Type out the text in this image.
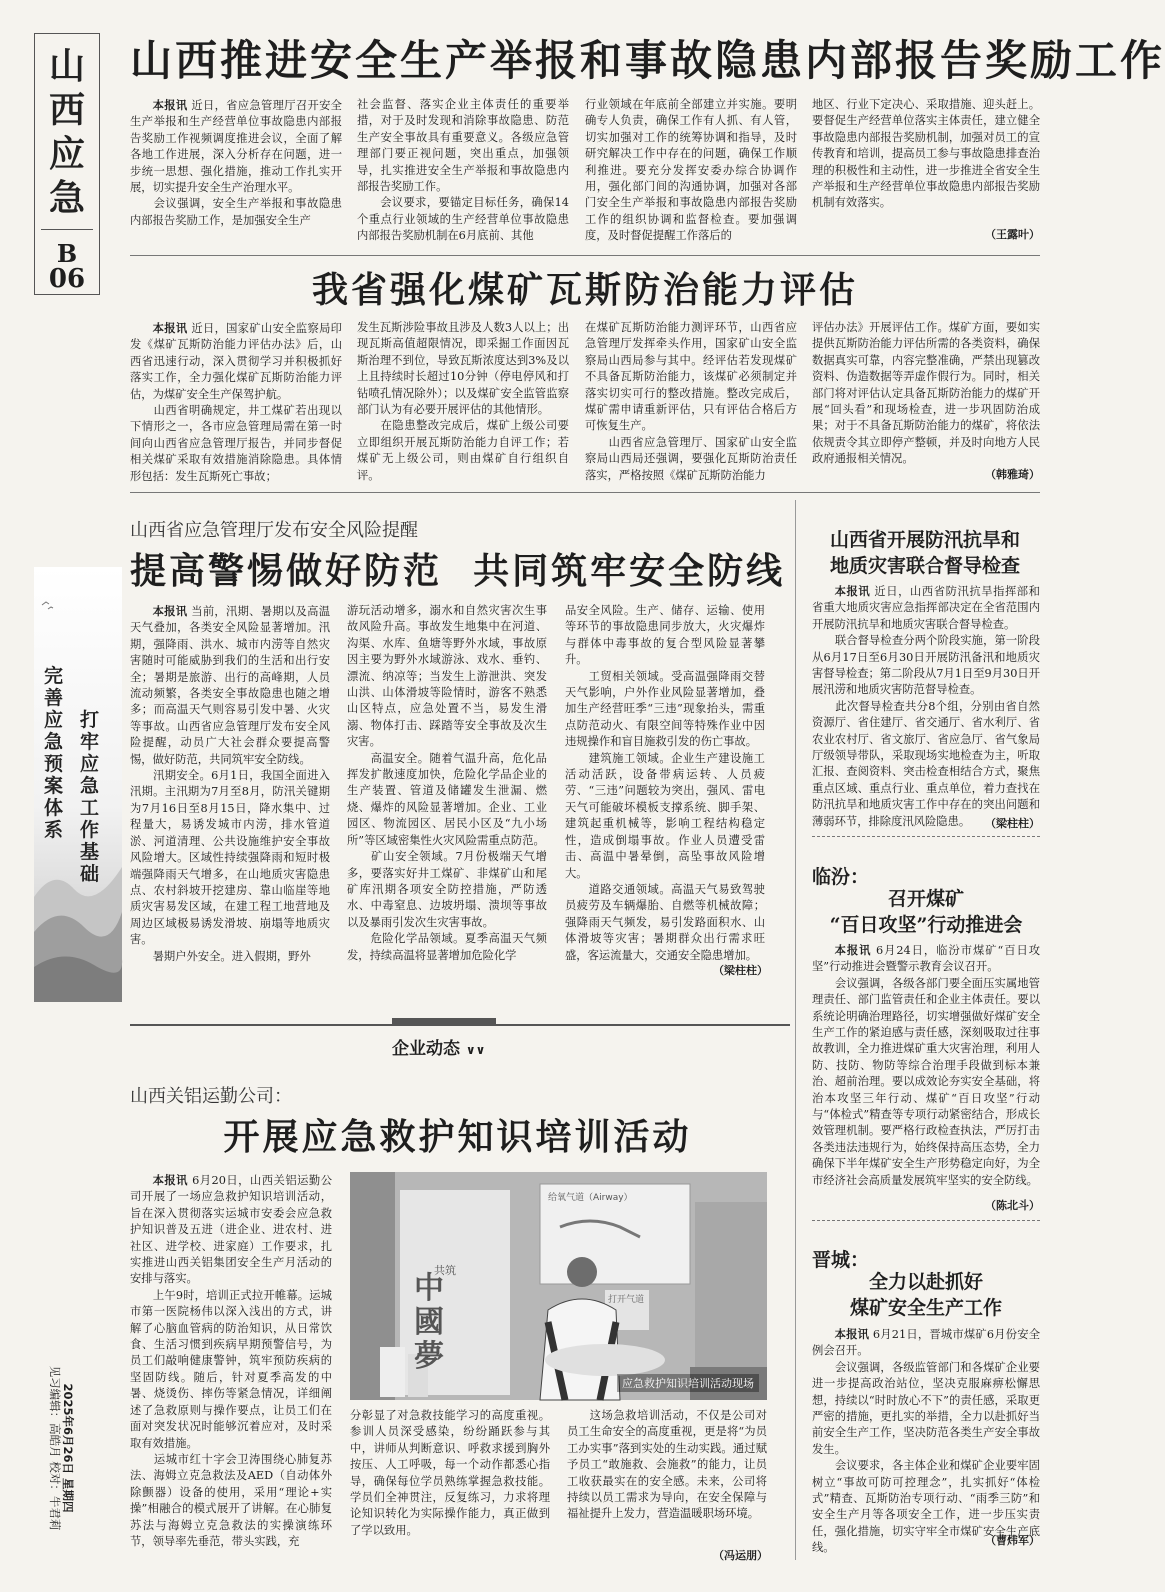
山西应急
B
06
完善应急预案体系
打牢应急工作基础
见习编辑：高皓月 校对：牛君莉 2025年6月26日 星期四
山西推进安全生产举报和事故隐患内部报告奖励工作
本报讯 近日，省应急管理厅召开安全生产举报和生产经营单位事故隐患内部报告奖励工作视频调度推进会议，全面了解各地工作进展，深入分析存在问题，进一步统一思想、强化措施，推动工作扎实开展，切实提升安全生产治理水平。
　　会议强调，安全生产举报和事故隐患内部报告奖励工作，是加强安全生产
社会监督、落实企业主体责任的重要举措，对于及时发现和消除事故隐患、防范生产安全事故具有重要意义。各级应急管理部门要正视问题，突出重点，加强领导，扎实推进安全生产举报和事故隐患内部报告奖励工作。
　　会议要求，要锚定目标任务，确保14个重点行业领域的生产经营单位事故隐患内部报告奖励机制在6月底前、其他
行业领域在年底前全部建立并实施。要明确专人负责，确保工作有人抓、有人管，切实加强对工作的统筹协调和指导，及时研究解决工作中存在的问题，确保工作顺利推进。要充分发挥安委办综合协调作用，强化部门间的沟通协调，加强对各部门安全生产举报和事故隐患内部报告奖励工作的组织协调和监督检查。要加强调度，及时督促提醒工作落后的
地区、行业下定决心、采取措施、迎头赶上。要督促生产经营单位落实主体责任，建立健全事故隐患内部报告奖励机制，加强对员工的宣传教育和培训，提高员工参与事故隐患排查治理的积极性和主动性，进一步推进全省安全生产举报和生产经营单位事故隐患内部报告奖励机制有效落实。
（王露叶）
我省强化煤矿瓦斯防治能力评估
本报讯 近日，国家矿山安全监察局印发《煤矿瓦斯防治能力评估办法》后，山西省迅速行动，深入贯彻学习并积极抓好落实工作，全力强化煤矿瓦斯防治能力评估，为煤矿安全生产保驾护航。
　　山西省明确规定，井工煤矿若出现以下情形之一，各市应急管理局需在第一时间向山西省应急管理厅报告，并同步督促相关煤矿采取有效措施消除隐患。具体情形包括：发生瓦斯死亡事故；
发生瓦斯涉险事故且涉及人数3人以上；出现瓦斯高值超限情况，即采掘工作面因瓦斯治理不到位，导致瓦斯浓度达到3%及以上且持续时长超过10分钟（停电停风和打钻喷孔情况除外）；以及煤矿安全监管监察部门认为有必要开展评估的其他情形。
　　在隐患整改完成后，煤矿上级公司要立即组织开展瓦斯防治能力自评工作；若煤矿无上级公司，则由煤矿自行组织自评。
在煤矿瓦斯防治能力测评环节，山西省应急管理厅发挥牵头作用，国家矿山安全监察局山西局参与其中。经评估若发现煤矿不具备瓦斯防治能力，该煤矿必须制定并落实切实可行的整改措施。整改完成后，煤矿需申请重新评估，只有评估合格后方可恢复生产。
　　山西省应急管理厅、国家矿山安全监察局山西局还强调，要强化瓦斯防治责任落实，严格按照《煤矿瓦斯防治能力
评估办法》开展评估工作。煤矿方面，要如实提供瓦斯防治能力评估所需的各类资料，确保数据真实可靠，内容完整准确，严禁出现篡改资料、伪造数据等弄虚作假行为。同时，相关部门将对评估认定具备瓦斯防治能力的煤矿开展“回头看”和现场检查，进一步巩固防治成果；对于不具备瓦斯防治能力的煤矿，将依法依规责令其立即停产整顿，并及时向地方人民政府通报相关情况。
（韩雅琦）
山西省应急管理厅发布安全风险提醒
提高警惕做好防范  共同筑牢安全防线
本报讯 当前，汛期、暑期以及高温天气叠加，各类安全风险显著增加。汛期，强降雨、洪水、城市内涝等自然灾害随时可能威胁到我们的生活和出行安全；暑期是旅游、出行的高峰期，人员流动频繁，各类安全事故隐患也随之增多；而高温天气则容易引发中暑、火灾等事故。山西省应急管理厅发布安全风险提醒，动员广大社会群众要提高警惕，做好防范，共同筑牢安全防线。
　　汛期安全。6月1日，我国全面进入汛期。主汛期为7月至8月，防汛关键期为7月16日至8月15日，降水集中、过程量大，易诱发城市内涝，排水管道淤、河道清理、公共设施维护安全事故风险增大。区域性持续强降雨和短时极端强降雨天气增多，在山地质灾害隐患点、农村斜坡开挖建房、靠山临崖等地质灾害易发区域，在建工程工地营地及周边区域极易诱发滑坡、崩塌等地质灾害。
　　暑期户外安全。进入假期，野外
游玩活动增多，溺水和自然灾害次生事故风险升高。事故发生地集中在河道、沟渠、水库、鱼塘等野外水域，事故原因主要为野外水域游泳、戏水、垂钓、漂流、纳凉等；当发生上游泄洪、突发山洪、山体滑坡等险情时，游客不熟悉山区特点，应急处置不当，易发生滑溺、物体打击、踩踏等安全事故及次生灾害。
　　高温安全。随着气温升高，危化品挥发扩散速度加快，危险化学品企业的生产装置、管道及储罐发生泄漏、燃烧、爆炸的风险显著增加。企业、工业园区、物流园区、居民小区及“九小场所”等区域密集性火灾风险需重点防范。
　　矿山安全领域。7月份极端天气增多，要落实好井工煤矿、非煤矿山和尾矿库汛期各项安全防控措施，严防透水、中毒窒息、边坡坍塌、溃坝等事故以及暴雨引发次生灾害事故。
　　危险化学品领域。夏季高温天气频发，持续高温将显著增加危险化学
品安全风险。生产、储存、运输、使用等环节的事故隐患同步放大，火灾爆炸与群体中毒事故的复合型风险显著攀升。
　　工贸相关领域。受高温强降雨交替天气影响，户外作业风险显著增加，叠加生产经营旺季“三违”现象抬头，需重点防范动火、有限空间等特殊作业中因违规操作和盲目施救引发的伤亡事故。
　　建筑施工领域。企业生产建设施工活动活跃，设备带病运转、人员疲劳、“三违”问题较为突出，强风、雷电天气可能破坏模板支撑系统、脚手架、建筑起重机械等，影响工程结构稳定性，造成倒塌事故。作业人员遭受雷击、高温中暑晕倒，高坠事故风险增大。
　　道路交通领域。高温天气易致驾驶员疲劳及车辆爆胎、自燃等机械故障；强降雨天气频发，易引发路面积水、山体滑坡等灾害；暑期群众出行需求旺盛，客运流量大，交通安全隐患增加。
（梁柱柱）
山西省开展防汛抗旱和
地质灾害联合督导检查
本报讯 近日，山西省防汛抗旱指挥部和省重大地质灾害应急指挥部决定在全省范围内开展防汛抗旱和地质灾害联合督导检查。
　　联合督导检查分两个阶段实施，第一阶段从6月17日至6月30日开展防汛备汛和地质灾害督导检查；第二阶段从7月1日至9月30日开展汛涝和地质灾害防范督导检查。
　　此次督导检查共分8个组，分别由省自然资源厅、省住建厅、省交通厅、省水利厅、省农业农村厅、省文旅厅、省应急厅、省气象局厅级领导带队，采取现场实地检查为主，听取汇报、查阅资料、突击检查相结合方式，聚焦重点区域、重点行业、重点单位，着力查找在防汛抗旱和地质灾害工作中存在的突出问题和薄弱环节，排除度汛风险隐患。	（梁柱柱）
临汾：
召开煤矿
“百日攻坚”行动推进会
本报讯 6月24日，临汾市煤矿“百日攻坚”行动推进会暨警示教育会议召开。
　　会议强调，各级各部门要全面压实属地管理责任、部门监管责任和企业主体责任。要以系统论明确治理路径，切实增强做好煤矿安全生产工作的紧迫感与责任感，深刻吸取过往事故教训，全力推进煤矿重大灾害治理，利用人防、技防、物防等综合治理手段做到标本兼治、超前治理。要以成效论夯实安全基础，将治本攻坚三年行动、煤矿“百日攻坚”行动与“体检式”精查等专项行动紧密结合，形成长效管理机制。要严格行政检查执法，严厉打击各类违法违规行为，始终保持高压态势，全力确保下半年煤矿安全生产形势稳定向好，为全市经济社会高质量发展筑牢坚实的安全防线。
（陈北斗）
晋城：
全力以赴抓好
煤矿安全生产工作
本报讯 6月21日，晋城市煤矿6月份安全例会召开。
　　会议强调，各级监管部门和各煤矿企业要进一步提高政治站位，坚决克服麻痹松懈思想，持续以“时时放心不下”的责任感，采取更严密的措施，更扎实的举措，全力以赴抓好当前安全生产工作，坚决防范各类生产安全事故发生。
　　会议要求，各主体企业和煤矿企业要牢固树立“事故可防可控理念”，扎实抓好“体检式”精查、瓦斯防治专项行动、“雨季三防”和安全生产月等各项安全工作，进一步压实责任，强化措施，切实守牢全市煤矿安全生产底线。
（曹炜军）
企业动态 ∨∨
山西关铝运勤公司：
开展应急救护知识培训活动
本报讯 6月20日，山西关铝运勤公司开展了一场应急救护知识培训活动，旨在深入贯彻落实运城市安委会应急救护知识普及五进（进企业、进农村、进社区、进学校、进家庭）工作要求，扎实推进山西关铝集团安全生产月活动的安排与落实。
　　上午9时，培训正式拉开帷幕。运城市第一医院杨伟以深入浅出的方式，讲解了心脑血管病的防治知识，从日常饮食、生活习惯到疾病早期预警信号，为员工们敲响健康警钟，筑牢预防疾病的坚固防线。随后，针对夏季高发的中暑、烧烫伤、摔伤等紧急情况，详细阐述了急救原则与操作要点，让员工们在面对突发状况时能够沉着应对，及时采取有效措施。
　　运城市红十字会卫涛围绕心肺复苏法、海姆立克急救法及AED（自动体外除颤器）设备的使用，采用“理论+实操”相融合的模式展开了讲解。在心肺复苏法与海姆立克急救法的实操演练环节，领导率先垂范，带头实践，充
分彰显了对急救技能学习的高度重视。参训人员深受感染，纷纷踊跃参与其中，讲师从判断意识、呼救求援到胸外按压、人工呼吸，每一个动作都悉心指导，确保每位学员熟练掌握急救技能。学员们全神贯注，反复练习，力求将理论知识转化为实际操作能力，真正做到了学以致用。
这场急救培训活动，不仅是公司对员工生命安全的高度重视，更是将“为员工办实事”落到实处的生动实践。通过赋予员工“敢施救、会施救”的能力，让员工收获最实在的安全感。未来，公司将持续以员工需求为导向，在安全保障与福祉提升上发力，营造温暖职场环境。
（冯运朋）
给氧气道（Airway）
共筑
中國夢
打开气道
应急救护知识培训活动现场
